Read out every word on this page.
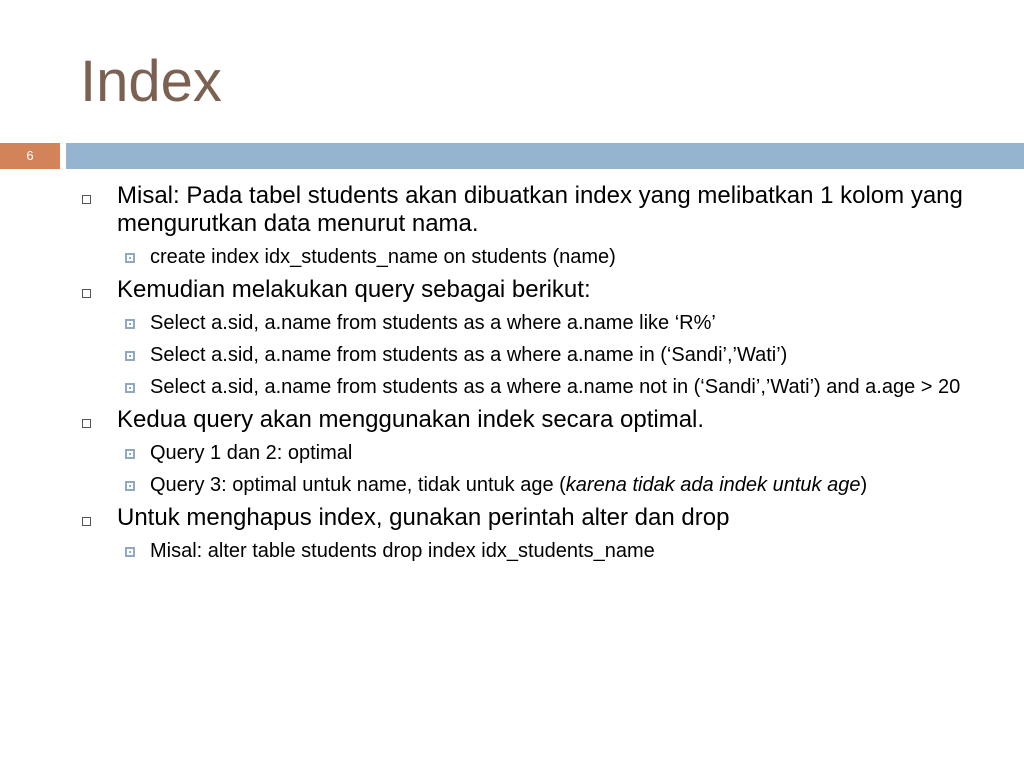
Index
6
Misal: Pada tabel students akan dibuatkan index yang melibatkan 1 kolom yang mengurutkan data menurut nama.
create index idx_students_name on students (name)
Kemudian melakukan query sebagai berikut:
Select a.sid, a.name from students as a where a.name like ‘R%’
Select a.sid, a.name from students as a where a.name in (‘Sandi’,’Wati’)
Select a.sid, a.name from students as a where a.name not in (‘Sandi’,’Wati’) and a.age > 20
Kedua query akan menggunakan indek secara optimal.
Query 1 dan 2: optimal
Query 3: optimal untuk name, tidak untuk age (karena tidak ada indek untuk age)
Untuk menghapus index, gunakan perintah alter dan drop
Misal: alter table students drop index idx_students_name
